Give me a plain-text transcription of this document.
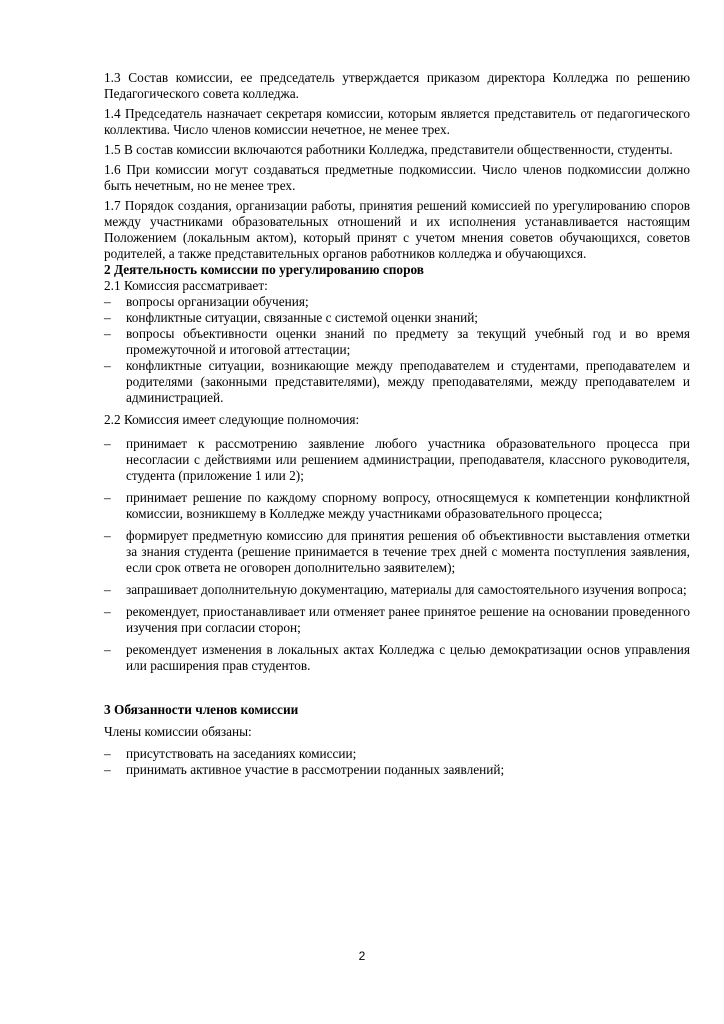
1.3 Состав комиссии, ее председатель утверждается приказом директора Колледжа по решению Педагогического совета колледжа.

1.4 Председатель назначает секретаря комиссии, которым является представитель от педагогического коллектива. Число членов комиссии нечетное, не менее трех.

1.5 В состав комиссии включаются работники Колледжа, представители общественности, студенты.

1.6 При комиссии могут создаваться предметные подкомиссии. Число членов подкомиссии должно быть нечетным, но не менее трех.

1.7 Порядок создания, организации работы, принятия решений комиссией по урегулированию споров между участниками образовательных отношений и их исполнения устанавливается настоящим Положением (локальным актом), который принят с учетом мнения советов обучающихся, советов родителей, а также представительных органов работников колледжа и обучающихся.

2 Деятельность комиссии по урегулированию споров

2.1 Комиссия рассматривает:

– вопросы организации обучения;

– конфликтные ситуации, связанные с системой оценки знаний;

– вопросы объективности оценки знаний по предмету за текущий учебный год и во время промежуточной и итоговой аттестации;

– конфликтные ситуации, возникающие между преподавателем и студентами, преподавателем и родителями (законными представителями), между преподавателями, между преподавателем и администрацией.

2.2 Комиссия имеет следующие полномочия:

– принимает к рассмотрению заявление любого участника образовательного процесса при несогласии с действиями или решением администрации, преподавателя, классного руководителя, студента (приложение 1 или 2);

– принимает решение по каждому спорному вопросу, относящемуся к компетенции конфликтной комиссии, возникшему в Колледже между участниками образовательного процесса;

– формирует предметную комиссию для принятия решения об объективности выставления отметки за знания студента (решение принимается в течение трех дней с момента поступления заявления, если срок ответа не оговорен дополнительно заявителем);

– запрашивает дополнительную документацию, материалы для самостоятельного изучения вопроса;

– рекомендует, приостанавливает или отменяет ранее принятое решение на основании проведенного изучения при согласии сторон;

– рекомендует изменения в локальных актах Колледжа с целью демократизации основ управления или расширения прав студентов.

3 Обязанности членов комиссии

Члены комиссии обязаны:

– присутствовать на заседаниях комиссии;

– принимать активное участие в рассмотрении поданных заявлений;

2
